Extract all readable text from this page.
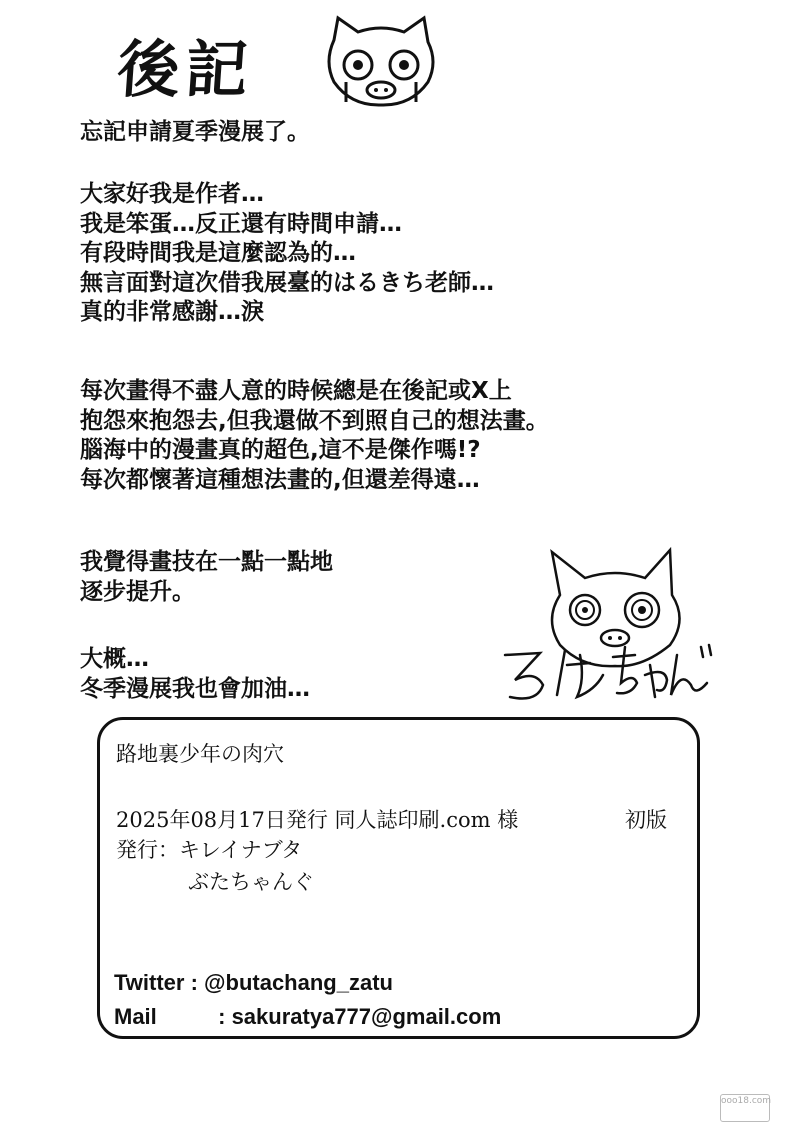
後記
忘記申請夏季漫展了。
大家好我是作者…
我是笨蛋…反正還有時間申請…
有段時間我是這麼認為的…
無言面對這次借我展臺的はるきち老師…
真的非常感謝…淚
每次畫得不盡人意的時候總是在後記或X上
抱怨來抱怨去,但我還做不到照自己的想法畫。
腦海中的漫畫真的超色,這不是傑作嗎!?
每次都懷著這種想法畫的,但還差得遠…
我覺得畫技在一點一點地
逐步提升。
大概…
冬季漫展我也會加油…
路地裏少年の肉穴
2025年08月17日発行 同人誌印刷.com 様	初版
発行：キレイナブタ
ぶたちゃんぐ
Twitter : @butachang_zatu
Mail	: sakuratya777@gmail.com
ooo18.com
